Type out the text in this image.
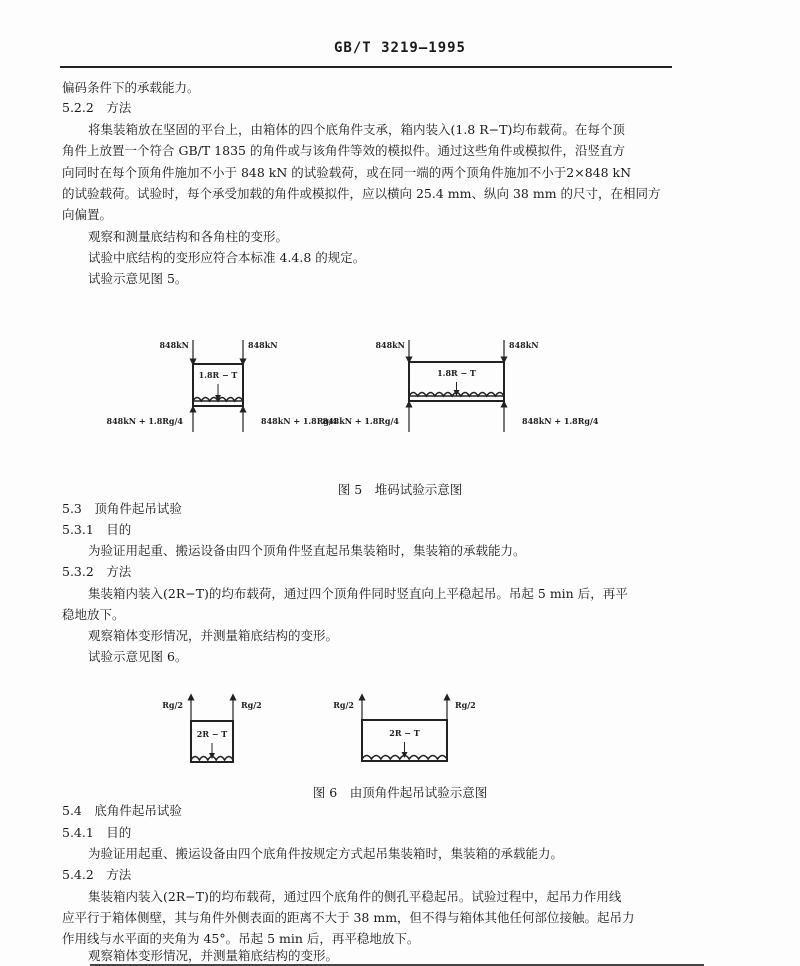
GB/T 3219—1995
偏码条件下的承载能力。
5.2.2　方法
将集装箱放在坚固的平台上，由箱体的四个底角件支承，箱内装入(1.8 R−T)均布载荷。在每个顶
角件上放置一个符合 GB/T 1835 的角件或与该角件等效的模拟件。通过这些角件或模拟件，沿竖直方
向同时在每个顶角件施加不小于 848 kN 的试验载荷，或在同一端的两个顶角件施加不小于2×848 kN
的试验载荷。试验时，每个承受加载的角件或模拟件，应以横向 25.4 mm、纵向 38 mm 的尺寸，在相同方
向偏置。
观察和测量底结构和各角柱的变形。
试验中底结构的变形应符合本标准 4.4.8 的规定。
试验示意见图 5。
5.3　顶角件起吊试验
5.3.1　目的
为验证用起重、搬运设备由四个顶角件竖直起吊集装箱时，集装箱的承载能力。
5.3.2　方法
集装箱内装入(2R−T)的均布载荷，通过四个顶角件同时竖直向上平稳起吊。吊起 5 min 后，再平
稳地放下。
观察箱体变形情况，并测量箱底结构的变形。
试验示意见图 6。
5.4　底角件起吊试验
5.4.1　目的
为验证用起重、搬运设备由四个底角件按规定方式起吊集装箱时，集装箱的承载能力。
5.4.2　方法
集装箱内装入(2R−T)的均布载荷，通过四个底角件的侧孔平稳起吊。试验过程中，起吊力作用线
应平行于箱体侧壁，其与角件外侧表面的距离不大于 38 mm，但不得与箱体其他任何部位接触。起吊力
作用线与水平面的夹角为 45°。吊起 5 min 后，再平稳地放下。
观察箱体变形情况，并测量箱底结构的变形。
1.8R − T
848kN	848kN
848kN + 1.8Rg/4	848kN + 1.8Rg/4
1.8R − T
848kN	848kN
848kN + 1.8Rg/4	848kN + 1.8Rg/4
2R − T
Rg/2	Rg/2
2R − T
Rg/2	Rg/2
图 5　堆码试验示意图
图 6　由顶角件起吊试验示意图
